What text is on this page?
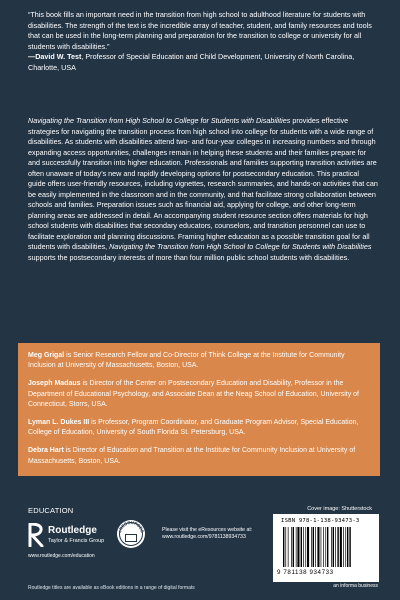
“This book fills an important need in the transition from high school to adulthood literature for students with disabilities. The strength of the text is the incredible array of teacher, student, and family resources and tools that can be used in the long-term planning and preparation for the transition to college or university for all students with disabilities.”
—David W. Test, Professor of Special Education and Child Development, University of North Carolina, Charlotte, USA
Navigating the Transition from High School to College for Students with Disabilities provides effective strategies for navigating the transition process from high school into college for students with a wide range of disabilities. As students with disabilities attend two- and four-year colleges in increasing numbers and through expanding access opportunities, challenges remain in helping these students and their families prepare for and successfully transition into higher education. Professionals and families supporting transition activities are often unaware of today’s new and rapidly developing options for postsecondary education. This practical guide offers user-friendly resources, including vignettes, research summaries, and hands-on activities that can be easily implemented in the classroom and in the community, and that facilitate strong collaboration between schools and families. Preparation issues such as financial aid, applying for college, and other long-term planning areas are addressed in detail. An accompanying student resource section offers materials for high school students with disabilities that secondary educators, counselors, and transition personnel can use to facilitate exploration and planning discussions. Framing higher education as a possible transition goal for all students with disabilities, Navigating the Transition from High School to College for Students with Disabilities supports the postsecondary interests of more than four million public school students with disabilities.
Meg Grigal is Senior Research Fellow and Co-Director of Think College at the Institute for Community Inclusion at University of Massachusetts, Boston, USA.
Joseph Madaus is Director of the Center on Postsecondary Education and Disability, Professor in the Department of Educational Psychology, and Associate Dean at the Neag School of Education, University of Connecticut, Storrs, USA.
Lyman L. Dukes III is Professor, Program Coordinator, and Graduate Program Advisor, Special Education, College of Education, University of South Florida St. Petersburg, USA.
Debra Hart is Director of Education and Transition at the Institute for Community Inclusion at University of Massachusetts, Boston, USA.
EDUCATION	Cover image: Shutterstock
Routledge
Taylor & Francis Group
www.routledge.com/education
eRESOURCES	Please visit the eResources website at:
www.routledge.com/9781138934733
ISBN 978-1-138-93473-3
9 781138 934733
an informa business
Routledge titles are available as eBook editions in a range of digital formats
